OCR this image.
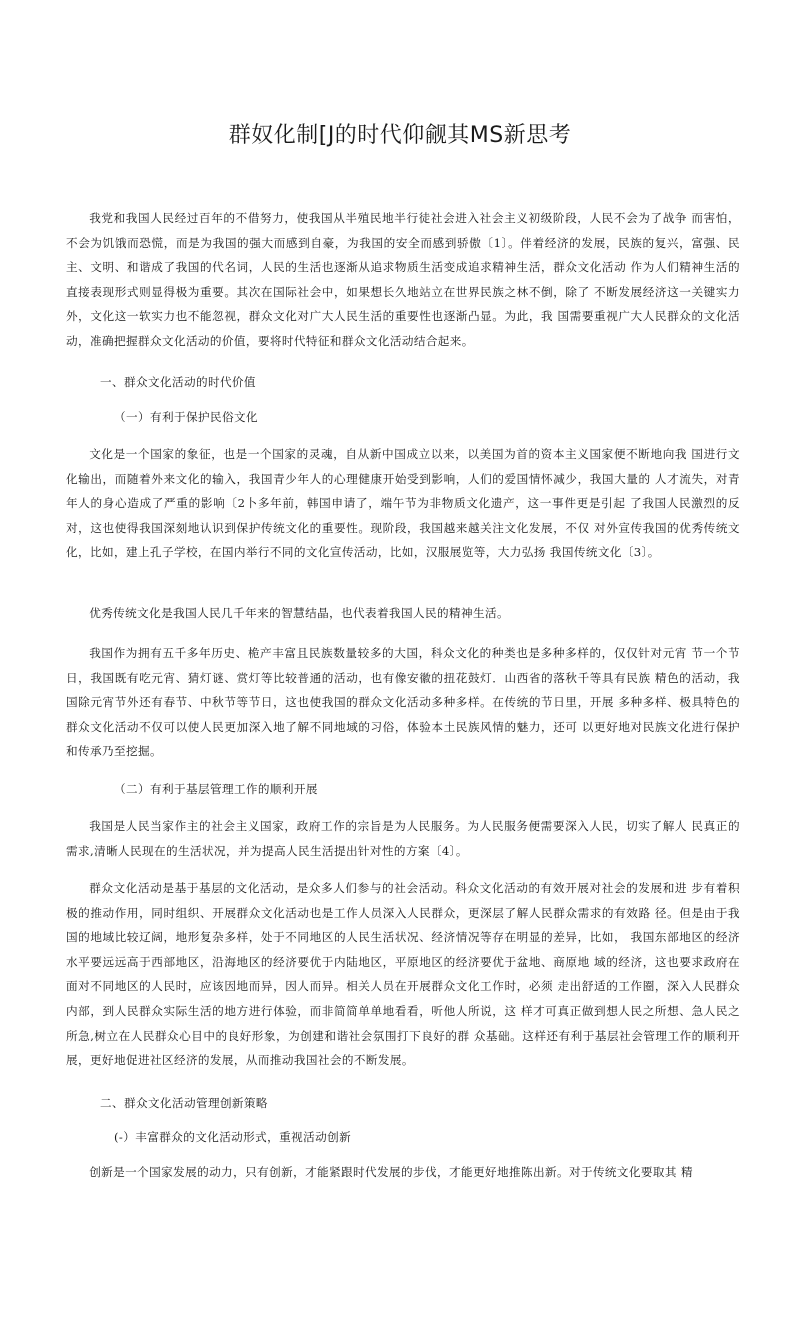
群奴化制[J的时代仰觎其MS新思考

我党和我国人民经过百年的不借努力，使我国从半殖民地半行徒社会进入社会主义初级阶段，人民不会为了战争 而害怕，不会为饥饿而恐慌，而是为我国的强大而感到自豪，为我国的安全而感到骄傲〔1〕。伴着经济的发展，民族的复兴，富强、民主、文明、和谐成了我国的代名词，人民的生活也逐渐从追求物质生活变成追求精神生活，群众文化活动 作为人们精神生活的直接表现形式则显得极为重要。其次在国际社会中，如果想长久地站立在世界民族之林不倒，除了 不断发展经济这一关键实力外，文化这一软实力也不能忽视，群众文化对广大人民生活的重要性也逐渐凸显。为此，我 国需要重视广大人民群众的文化活动，准确把握群众文化活动的价值，要将时代特征和群众文化活动结合起来。

一、群众文化活动的时代价值

（一）有利于保护民俗文化

文化是一个国家的象征，也是一个国家的灵魂，自从新中国成立以来，以美国为首的资本主义国家便不断地向我 国进行文化输出，而随着外来文化的输入，我国青少年人的心理健康开始受到影响，人们的爱国情怀减少，我国大量的 人才流失，对青年人的身心造成了严重的影响〔2卜多年前，韩国申请了，端午节为非物质文化遗产，这一事件更是引起 了我国人民激烈的反对，这也使得我国深刻地认识到保护传统文化的重要性。现阶段，我国越来越关注文化发展，不仅 对外宣传我国的优秀传统文化，比如，建上孔子学校，在国内举行不同的文化宣传活动，比如，汉服展览等，大力弘扬 我国传统文化〔3〕。

优秀传统文化是我国人民几千年来的智慧结晶，也代表着我国人民的精神生活。

我国作为拥有五千多年历史、桅产丰富且民族数量较多的大国，科众文化的种类也是多种多样的，仅仅针对元宵 节一个节日，我国既有吃元宵、猜灯谜、赏灯等比较普通的活动，也有像安徽的扭花鼓灯．山西省的落秋千等具有民族 精色的活动，我国除元宵节外还有春节、中秋节等节日，这也使我国的群众文化活动多种多样。在传统的节日里，开展 多种多样、极具特色的群众文化活动不仅可以使人民更加深入地了解不同地域的习俗，体验本土民族风情的魅力，还可 以更好地对民族文化进行保护和传承乃至挖掘。

（二）有利于基层管理工作的顺利开展

我国是人民当家作主的社会主义国家，政府工作的宗旨是为人民服务。为人民服务便需要深入人民，切实了解人 民真正的需求,清晰人民现在的生活状况，并为提高人民生活提出针对性的方案〔4〕。

群众文化活动是基于基层的文化活动，是众多人们参与的社会活动。科众文化活动的有效开展对社会的发展和进 步有着积极的推动作用，同时组织、开展群众文化活动也是工作人员深入人民群众，更深层了解人民群众需求的有效路 径。但是由于我国的地域比较辽阔，地形复杂多样，处于不同地区的人民生活状况、经济情况等存在明显的差异，比如， 我国东部地区的经济水平要远远高于西部地区，沿海地区的经济要优于内陆地区，平原地区的经济要优于盆地、商原地 域的经济，这也要求政府在面对不同地区的人民时，应该因地而异，因人而异。相关人员在开展群众文化工作时，必须 走出舒适的工作圈，深入人民群众内部，到人民群众实际生活的地方进行体验，而非简简单单地看看，听他人所说，这 样才可真正做到想人民之所想、急人民之所急,树立在人民群众心目中的良好形象，为创建和谐社会氛围打下良好的群 众基础。这样还有利于基层社会管理工作的顺利开展，更好地促进社区经济的发展，从而推动我国社会的不断发展。

二、群众文化活动管理创新策略

(-）丰富群众的文化活动形式，重视活动创新

创新是一个国家发展的动力，只有创新，才能紧跟时代发展的步伐，才能更好地推陈出新。对于传统文化要取其 精
